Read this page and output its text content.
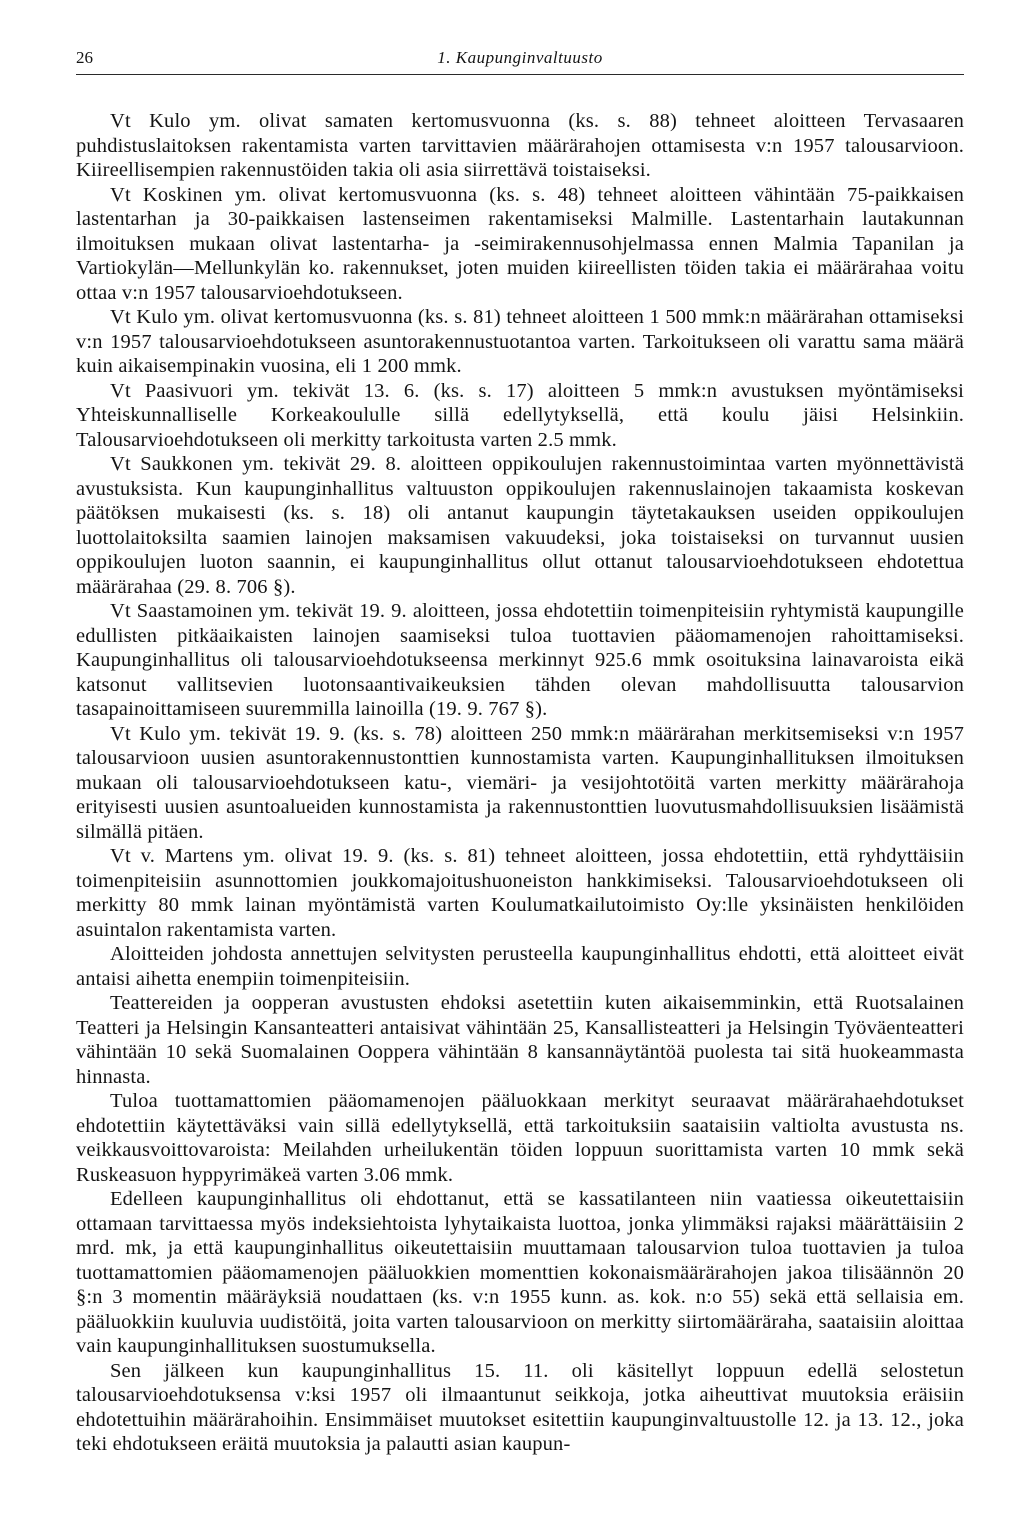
26	1. Kaupunginvaltuusto

Vt Kulo ym. olivat samaten kertomusvuonna (ks. s. 88) tehneet aloitteen Tervasaaren puhdistuslaitoksen rakentamista varten tarvittavien määrärahojen ottamisesta v:n 1957 talousarvioon. Kiireellisempien rakennustöiden takia oli asia siirrettävä toistaiseksi.

Vt Koskinen ym. olivat kertomusvuonna (ks. s. 48) tehneet aloitteen vähintään 75-paikkaisen lastentarhan ja 30-paikkaisen lastenseimen rakentamiseksi Malmille. Lastentarhain lautakunnan ilmoituksen mukaan olivat lastentarha- ja -seimirakennusohjelmassa ennen Malmia Tapanilan ja Vartiokylän—Mellunkylän ko. rakennukset, joten muiden kiireellisten töiden takia ei määrärahaa voitu ottaa v:n 1957 talousarvioehdotukseen.

Vt Kulo ym. olivat kertomusvuonna (ks. s. 81) tehneet aloitteen 1 500 mmk:n määrärahan ottamiseksi v:n 1957 talousarvioehdotukseen asuntorakennustuotantoa varten. Tarkoitukseen oli varattu sama määrä kuin aikaisempinakin vuosina, eli 1 200 mmk.

Vt Paasivuori ym. tekivät 13. 6. (ks. s. 17) aloitteen 5 mmk:n avustuksen myöntämiseksi Yhteiskunnalliselle Korkeakoululle sillä edellytyksellä, että koulu jäisi Helsinkiin. Talousarvioehdotukseen oli merkitty tarkoitusta varten 2.5 mmk.

Vt Saukkonen ym. tekivät 29. 8. aloitteen oppikoulujen rakennustoimintaa varten myönnettävistä avustuksista. Kun kaupunginhallitus valtuuston oppikoulujen rakennuslainojen takaamista koskevan päätöksen mukaisesti (ks. s. 18) oli antanut kaupungin täytetakauksen useiden oppikoulujen luottolaitoksilta saamien lainojen maksamisen vakuudeksi, joka toistaiseksi on turvannut uusien oppikoulujen luoton saannin, ei kaupunginhallitus ollut ottanut talousarvioehdotukseen ehdotettua määrärahaa (29. 8. 706 §).

Vt Saastamoinen ym. tekivät 19. 9. aloitteen, jossa ehdotettiin toimenpiteisiin ryhtymistä kaupungille edullisten pitkäaikaisten lainojen saamiseksi tuloa tuottavien pääomamenojen rahoittamiseksi. Kaupunginhallitus oli talousarvioehdotukseensa merkinnyt 925.6 mmk osoituksina lainavaroista eikä katsonut vallitsevien luotonsaantivaikeuksien tähden olevan mahdollisuutta talousarvion tasapainoittamiseen suuremmilla lainoilla (19. 9. 767 §).

Vt Kulo ym. tekivät 19. 9. (ks. s. 78) aloitteen 250 mmk:n määrärahan merkitsemiseksi v:n 1957 talousarvioon uusien asuntorakennustonttien kunnostamista varten. Kaupunginhallituksen ilmoituksen mukaan oli talousarvioehdotukseen katu-, viemäri- ja vesijohtotöitä varten merkitty määrärahoja erityisesti uusien asuntoalueiden kunnostamista ja rakennustonttien luovutusmahdollisuuksien lisäämistä silmällä pitäen.

Vt v. Martens ym. olivat 19. 9. (ks. s. 81) tehneet aloitteen, jossa ehdotettiin, että ryhdyttäisiin toimenpiteisiin asunnottomien joukkomajoitushuoneiston hankkimiseksi. Talousarvioehdotukseen oli merkitty 80 mmk lainan myöntämistä varten Koulumatkailutoimisto Oy:lle yksinäisten henkilöiden asuintalon rakentamista varten.

Aloitteiden johdosta annettujen selvitysten perusteella kaupunginhallitus ehdotti, että aloitteet eivät antaisi aihetta enempiin toimenpiteisiin.

Teattereiden ja oopperan avustusten ehdoksi asetettiin kuten aikaisemminkin, että Ruotsalainen Teatteri ja Helsingin Kansanteatteri antaisivat vähintään 25, Kansallisteatteri ja Helsingin Työväenteatteri vähintään 10 sekä Suomalainen Ooppera vähintään 8 kansannäytäntöä puolesta tai sitä huokeammasta hinnasta.

Tuloa tuottamattomien pääomamenojen pääluokkaan merkityt seuraavat määrärahaehdotukset ehdotettiin käytettäväksi vain sillä edellytyksellä, että tarkoituksiin saataisiin valtiolta avustusta ns. veikkausvoittovaroista: Meilahden urheilukentän töiden loppuun suorittamista varten 10 mmk sekä Ruskeasuon hyppyrimäkeä varten 3.06 mmk.

Edelleen kaupunginhallitus oli ehdottanut, että se kassatilanteen niin vaatiessa oikeutettaisiin ottamaan tarvittaessa myös indeksiehtoista lyhytaikaista luottoa, jonka ylimmäksi rajaksi määrättäisiin 2 mrd. mk, ja että kaupunginhallitus oikeutettaisiin muuttamaan talousarvion tuloa tuottavien ja tuloa tuottamattomien pääomamenojen pääluokkien momenttien kokonaismäärärahojen jakoa tilisäännön 20 §:n 3 momentin määräyksiä noudattaen (ks. v:n 1955 kunn. as. kok. n:o 55) sekä että sellaisia em. pääluokkiin kuuluvia uudistöitä, joita varten talousarvioon on merkitty siirtomääräraha, saataisiin aloittaa vain kaupunginhallituksen suostumuksella.

Sen jälkeen kun kaupunginhallitus 15. 11. oli käsitellyt loppuun edellä selostetun talousarvioehdotuksensa v:ksi 1957 oli ilmaantunut seikkoja, jotka aiheuttivat muutoksia eräisiin ehdotettuihin määrärahoihin. Ensimmäiset muutokset esitettiin kaupunginvaltuustolle 12. ja 13. 12., joka teki ehdotukseen eräitä muutoksia ja palautti asian kaupun-
